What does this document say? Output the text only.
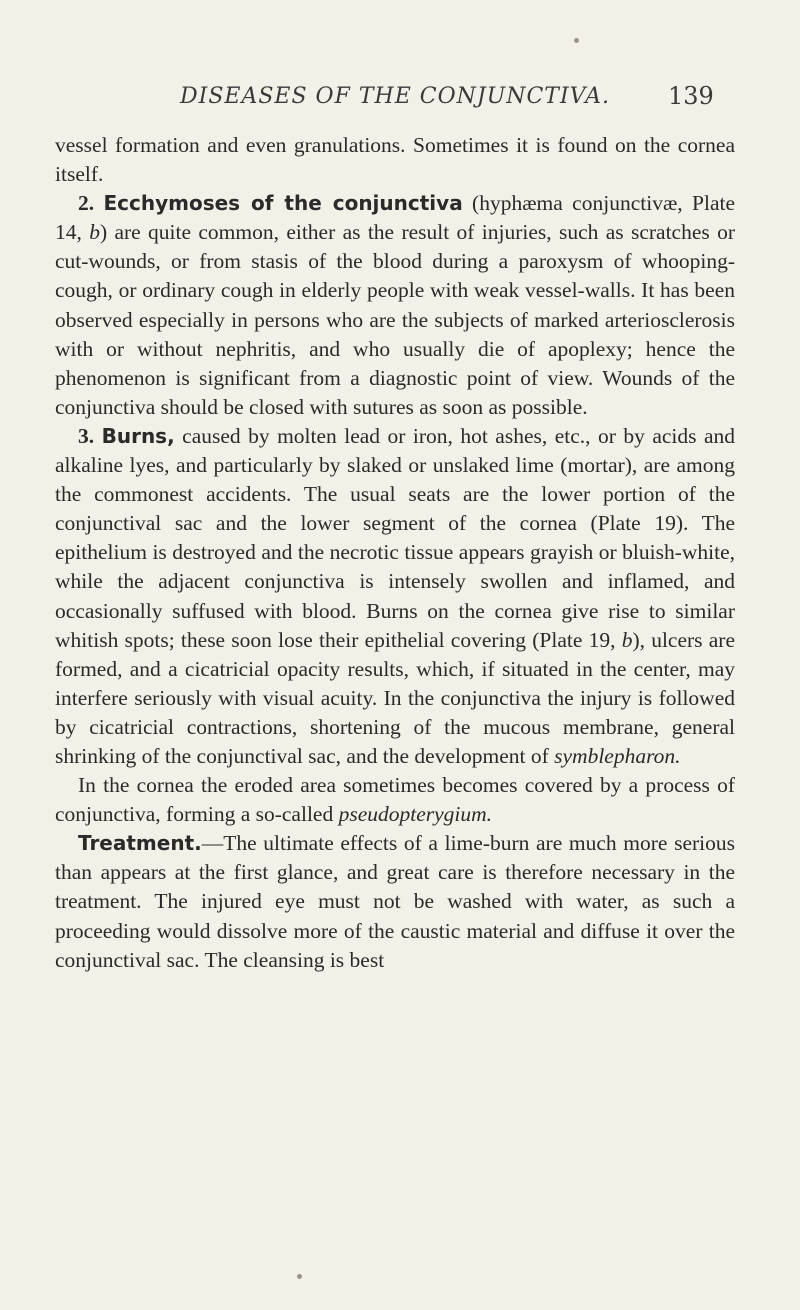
DISEASES OF THE CONJUNCTIVA.	139

vessel formation and even granulations. Sometimes it is found on the cornea itself.

2. Ecchymoses of the conjunctiva (hyphæma conjunctivæ, Plate 14, b) are quite common, either as the result of injuries, such as scratches or cut-wounds, or from stasis of the blood during a paroxysm of whooping-cough, or ordinary cough in elderly people with weak vessel-walls. It has been observed especially in persons who are the subjects of marked arteriosclerosis with or without nephritis, and who usually die of apoplexy; hence the phenomenon is significant from a diagnostic point of view. Wounds of the conjunctiva should be closed with sutures as soon as possible.

3. Burns, caused by molten lead or iron, hot ashes, etc., or by acids and alkaline lyes, and particularly by slaked or unslaked lime (mortar), are among the commonest accidents. The usual seats are the lower portion of the conjunctival sac and the lower segment of the cornea (Plate 19). The epithelium is destroyed and the necrotic tissue appears grayish or bluish-white, while the adjacent conjunctiva is intensely swollen and inflamed, and occasionally suffused with blood. Burns on the cornea give rise to similar whitish spots; these soon lose their epithelial covering (Plate 19, b), ulcers are formed, and a cicatricial opacity results, which, if situated in the center, may interfere seriously with visual acuity. In the conjunctiva the injury is followed by cicatricial contractions, shortening of the mucous membrane, general shrinking of the conjunctival sac, and the development of symblepharon.

In the cornea the eroded area sometimes becomes covered by a process of conjunctiva, forming a so-called pseudopterygium.

Treatment.—The ultimate effects of a lime-burn are much more serious than appears at the first glance, and great care is therefore necessary in the treatment. The injured eye must not be washed with water, as such a proceeding would dissolve more of the caustic material and diffuse it over the conjunctival sac. The cleansing is best
